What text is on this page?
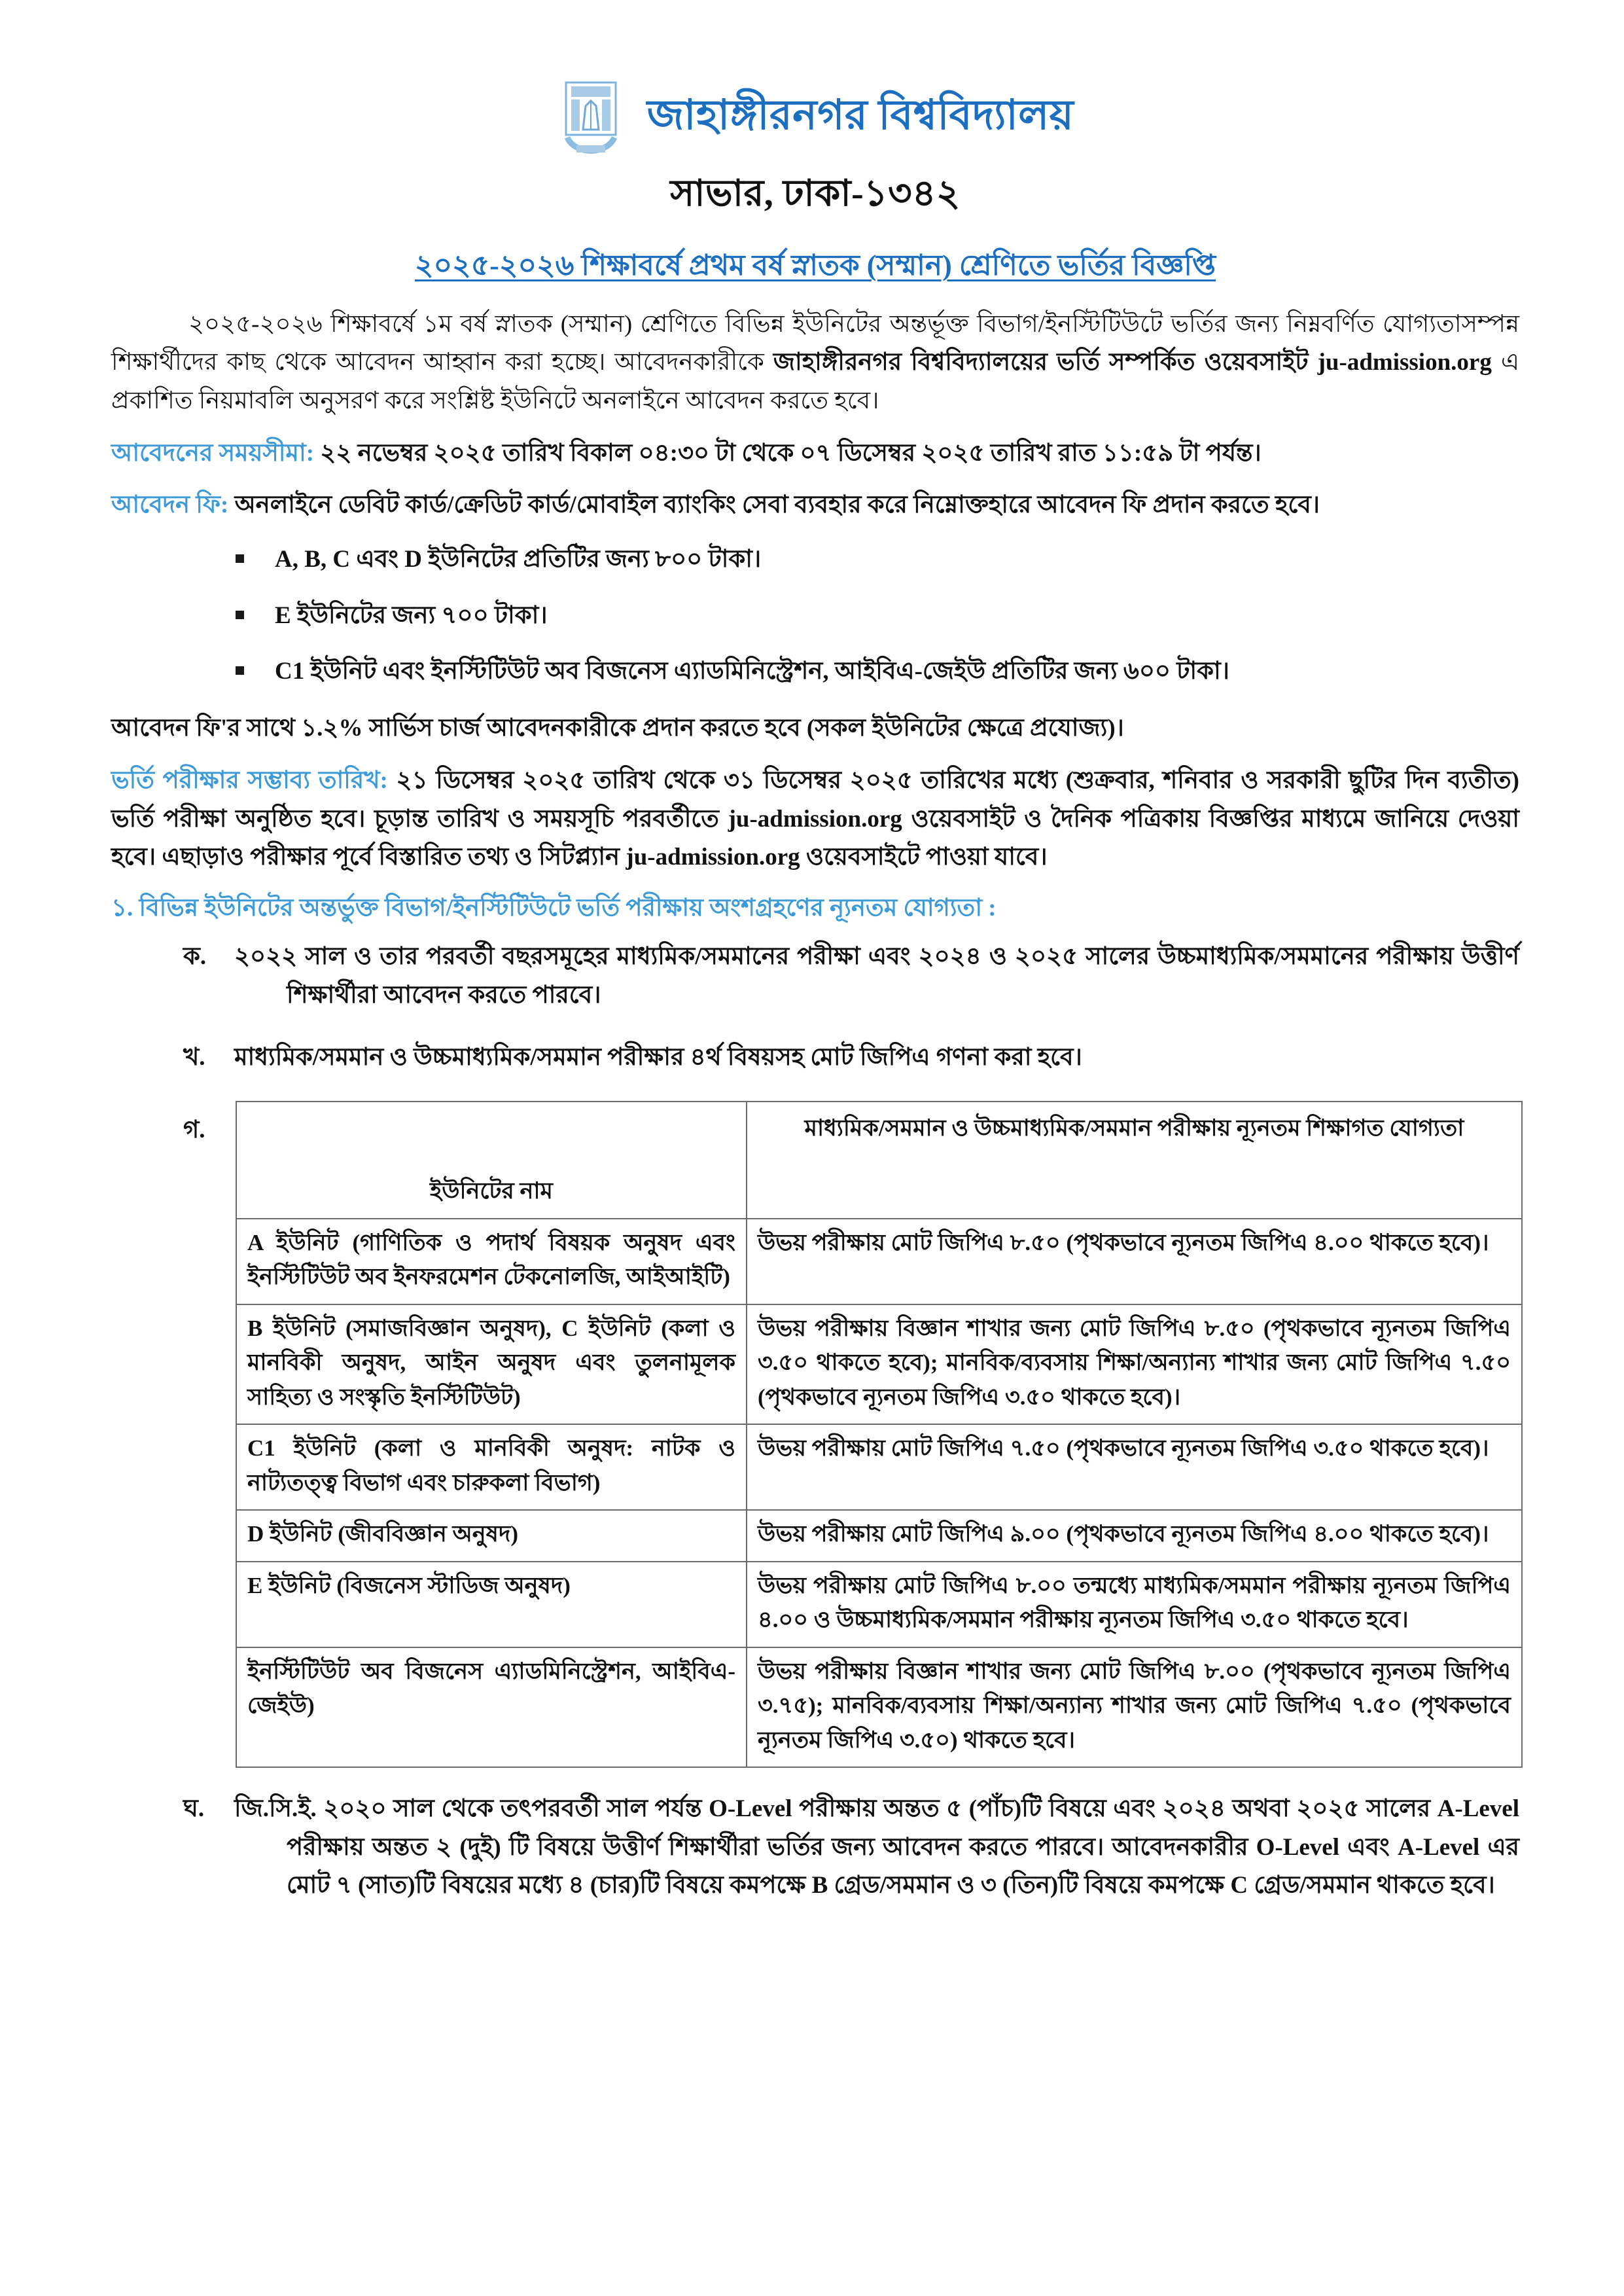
জাহাঙ্গীরনগর বিশ্ববিদ্যালয়
সাভার, ঢাকা-১৩৪২
২০২৫-২০২৬ শিক্ষাবর্ষে প্রথম বর্ষ স্নাতক (সম্মান) শ্রেণিতে ভর্তির বিজ্ঞপ্তি

২০২৫-২০২৬ শিক্ষাবর্ষে ১ম বর্ষ স্নাতক (সম্মান) শ্রেণিতে বিভিন্ন ইউনিটের অন্তর্ভূক্ত বিভাগ/ইনস্টিটিউটে ভর্তির জন্য নিম্নবর্ণিত যোগ্যতাসম্পন্ন শিক্ষার্থীদের কাছ থেকে আবেদন আহ্বান করা হচ্ছে। আবেদনকারীকে জাহাঙ্গীরনগর বিশ্ববিদ্যালয়ের ভর্তি সম্পর্কিত ওয়েবসাইট ju-admission.org এ প্রকাশিত নিয়মাবলি অনুসরণ করে সংশ্লিষ্ট ইউনিটে অনলাইনে আবেদন করতে হবে।

আবেদনের সময়সীমা: ২২ নভেম্বর ২০২৫ তারিখ বিকাল ০৪:৩০ টা থেকে ০৭ ডিসেম্বর ২০২৫ তারিখ রাত ১১:৫৯ টা পর্যন্ত।

আবেদন ফি: অনলাইনে ডেবিট কার্ড/ক্রেডিট কার্ড/মোবাইল ব্যাংকিং সেবা ব্যবহার করে নিম্নোক্তহারে আবেদন ফি প্রদান করতে হবে।

A, B, C এবং D ইউনিটের প্রতিটির জন্য ৮০০ টাকা।
E ইউনিটের জন্য ৭০০ টাকা।
C1 ইউনিট এবং ইনস্টিটিউট অব বিজনেস এ্যাডমিনিস্ট্রেশন, আইবিএ-জেইউ প্রতিটির জন্য ৬০০ টাকা।

আবেদন ফি'র সাথে ১.২% সার্ভিস চার্জ আবেদনকারীকে প্রদান করতে হবে (সকল ইউনিটের ক্ষেত্রে প্রযোজ্য)।

ভর্তি পরীক্ষার সম্ভাব্য তারিখ: ২১ ডিসেম্বর ২০২৫ তারিখ থেকে ৩১ ডিসেম্বর ২০২৫ তারিখের মধ্যে (শুক্রবার, শনিবার ও সরকারী ছুটির দিন ব্যতীত) ভর্তি পরীক্ষা অনুষ্ঠিত হবে। চূড়ান্ত তারিখ ও সময়সূচি পরবর্তীতে ju-admission.org ওয়েবসাইট ও দৈনিক পত্রিকায় বিজ্ঞপ্তির মাধ্যমে জানিয়ে দেওয়া হবে। এছাড়াও পরীক্ষার পূর্বে বিস্তারিত তথ্য ও সিটপ্ল্যান ju-admission.org ওয়েবসাইটে পাওয়া যাবে।

১. বিভিন্ন ইউনিটের অন্তর্ভুক্ত বিভাগ/ইনস্টিটিউটে ভর্তি পরীক্ষায় অংশগ্রহণের ন্যূনতম যোগ্যতা :

ক. ২০২২ সাল ও তার পরবর্তী বছরসমূহের মাধ্যমিক/সমমানের পরীক্ষা এবং ২০২৪ ও ২০২৫ সালের উচ্চমাধ্যমিক/সমমানের পরীক্ষায় উত্তীর্ণ শিক্ষার্থীরা আবেদন করতে পারবে।

খ. মাধ্যমিক/সমমান ও উচ্চমাধ্যমিক/সমমান পরীক্ষার ৪র্থ বিষয়সহ মোট জিপিএ গণনা করা হবে।

গ.
ইউনিটের নাম	মাধ্যমিক/সমমান ও উচ্চমাধ্যমিক/সমমান পরীক্ষায় ন্যূনতম শিক্ষাগত যোগ্যতা

A ইউনিট (গাণিতিক ও পদার্থ বিষয়ক অনুষদ এবং ইনস্টিটিউট অব ইনফরমেশন টেকনোলজি, আইআইটি)	উভয় পরীক্ষায় মোট জিপিএ ৮.৫০ (পৃথকভাবে ন্যূনতম জিপিএ ৪.০০ থাকতে হবে)।
B ইউনিট (সমাজবিজ্ঞান অনুষদ), C ইউনিট (কলা ও মানবিকী অনুষদ, আইন অনুষদ এবং তুলনামূলক সাহিত্য ও সংস্কৃতি ইনস্টিটিউট)	উভয় পরীক্ষায় বিজ্ঞান শাখার জন্য মোট জিপিএ ৮.৫০ (পৃথকভাবে ন্যূনতম জিপিএ ৩.৫০ থাকতে হবে); মানবিক/ব্যবসায় শিক্ষা/অন্যান্য শাখার জন্য মোট জিপিএ ৭.৫০ (পৃথকভাবে ন্যূনতম জিপিএ ৩.৫০ থাকতে হবে)।
C1 ইউনিট (কলা ও মানবিকী অনুষদ: নাটক ও নাট্যতত্ত্ব বিভাগ এবং চারুকলা বিভাগ)	উভয় পরীক্ষায় মোট জিপিএ ৭.৫০ (পৃথকভাবে ন্যূনতম জিপিএ ৩.৫০ থাকতে হবে)।
D ইউনিট (জীববিজ্ঞান অনুষদ)	উভয় পরীক্ষায় মোট জিপিএ ৯.০০ (পৃথকভাবে ন্যূনতম জিপিএ ৪.০০ থাকতে হবে)।
E ইউনিট (বিজনেস স্টাডিজ অনুষদ)	উভয় পরীক্ষায় মোট জিপিএ ৮.০০ তন্মধ্যে মাধ্যমিক/সমমান পরীক্ষায় ন্যূনতম জিপিএ ৪.০০ ও উচ্চমাধ্যমিক/সমমান পরীক্ষায় ন্যূনতম জিপিএ ৩.৫০ থাকতে হবে।
ইনস্টিটিউট অব বিজনেস এ্যাডমিনিস্ট্রেশন, আইবিএ-জেইউ)	উভয় পরীক্ষায় বিজ্ঞান শাখার জন্য মোট জিপিএ ৮.০০ (পৃথকভাবে ন্যূনতম জিপিএ ৩.৭৫); মানবিক/ব্যবসায় শিক্ষা/অন্যান্য শাখার জন্য মোট জিপিএ ৭.৫০ (পৃথকভাবে ন্যূনতম জিপিএ ৩.৫০) থাকতে হবে।

ঘ. জি.সি.ই. ২০২০ সাল থেকে তৎপরবর্তী সাল পর্যন্ত O-Level পরীক্ষায় অন্তত ৫ (পাঁচ)টি বিষয়ে এবং ২০২৪ অথবা ২০২৫ সালের A-Level পরীক্ষায় অন্তত ২ (দুই) টি বিষয়ে উত্তীর্ণ শিক্ষার্থীরা ভর্তির জন্য আবেদন করতে পারবে। আবেদনকারীর O-Level এবং A-Level এর মোট ৭ (সাত)টি বিষয়ের মধ্যে ৪ (চার)টি বিষয়ে কমপক্ষে B গ্রেড/সমমান ও ৩ (তিন)টি বিষয়ে কমপক্ষে C গ্রেড/সমমান থাকতে হবে।
